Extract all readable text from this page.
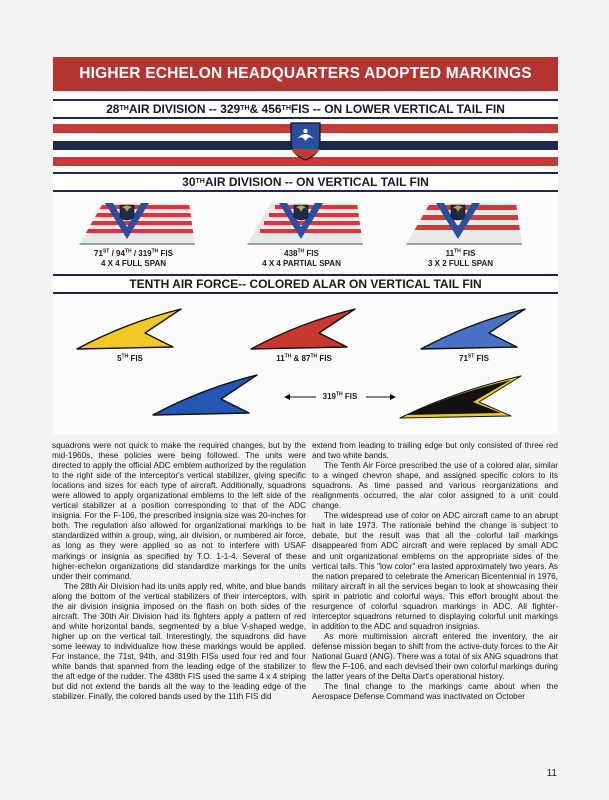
HIGHER ECHELON HEADQUARTERS ADOPTED MARKINGS
28 TH AIR DIVISION -- 329 TH & 456 TH FIS -- ON LOWER VERTICAL TAIL FIN
30 TH AIR DIVISION -- ON VERTICAL TAIL FIN
71ST / 94TH / 319TH FIS
4 X 4 FULL SPAN
438TH FIS
4 X 4 PARTIAL SPAN
11TH FIS
3 X 2 FULL SPAN
TENTH AIR FORCE-- COLORED ALAR ON VERTICAL TAIL FIN
5TH FIS	11TH & 87TH FIS	71ST FIS
319TH FIS

squadrons were not quick to make the required changes, but by the mid-1960s, these policies were being followed. The units were directed to apply the official ADC emblem authorized by the regulation to the right side of the interceptor's vertical stabilizer, giving specific locations and sizes for each type of aircraft. Additionally, squadrons were allowed to apply organizational emblems to the left side of the vertical stabilizer at a position corresponding to that of the ADC insignia. For the F-106, the prescribed insignia size was 20-inches for both. The regulation also allowed for organizational markings to be standardized within a group, wing, air division, or numbered air force, as long as they were applied so as not to interfere with USAF markings or insignia as specified by T.O. 1-1-4. Several of these higher-echelon organizations did standardize markings for the units under their command.

The 28th Air Division had its units apply red, white, and blue bands along the bottom of the vertical stabilizers of their interceptors, with the air division insignia imposed on the flash on both sides of the aircraft. The 30th Air Division had its fighters apply a pattern of red and white horizontal bands, segmented by a blue V-shaped wedge, higher up on the vertical tail. Interestingly, the squadrons did have some leeway to individualize how these markings would be applied. For instance, the 71st, 94th, and 319th FISs used four red and four white bands that spanned from the leading edge of the stabilizer to the aft edge of the rudder. The 438th FIS used the same 4 x 4 striping but did not extend the bands all the way to the leading edge of the stabilizer. Finally, the colored bands used by the 11th FIS did

extend from leading to trailing edge but only consisted of three red and two white bands.

The Tenth Air Force prescribed the use of a colored alar, similar to a winged chevron shape, and assigned specific colors to its squadrons. As time passed and various reorganizations and realignments occurred, the alar color assigned to a unit could change.

The widespread use of color on ADC aircraft came to an abrupt halt in late 1973. The rationale behind the change is subject to debate, but the result was that all the colorful tail markings disappeared from ADC aircraft and were replaced by small ADC and unit organizational emblems on the appropriate sides of the vertical tails. This "low color" era lasted approximately two years. As the nation prepared to celebrate the American Bicentennial in 1976, military aircraft in all the services began to look at showcasing their spirit in patriotic and colorful ways. This effort brought about the resurgence of colorful squadron markings in ADC. All fighter-interceptor squadrons returned to displaying colorful unit markings in addition to the ADC and squadron insignias.

As more multimission aircraft entered the inventory, the air defense mission began to shift from the active-duty forces to the Air National Guard (ANG). There was a total of six ANG squadrons that flew the F-106, and each devised their own colorful markings during the latter years of the Delta Dart's operational history.

The final change to the markings came about when the Aerospace Defense Command was inactivated on October

11
